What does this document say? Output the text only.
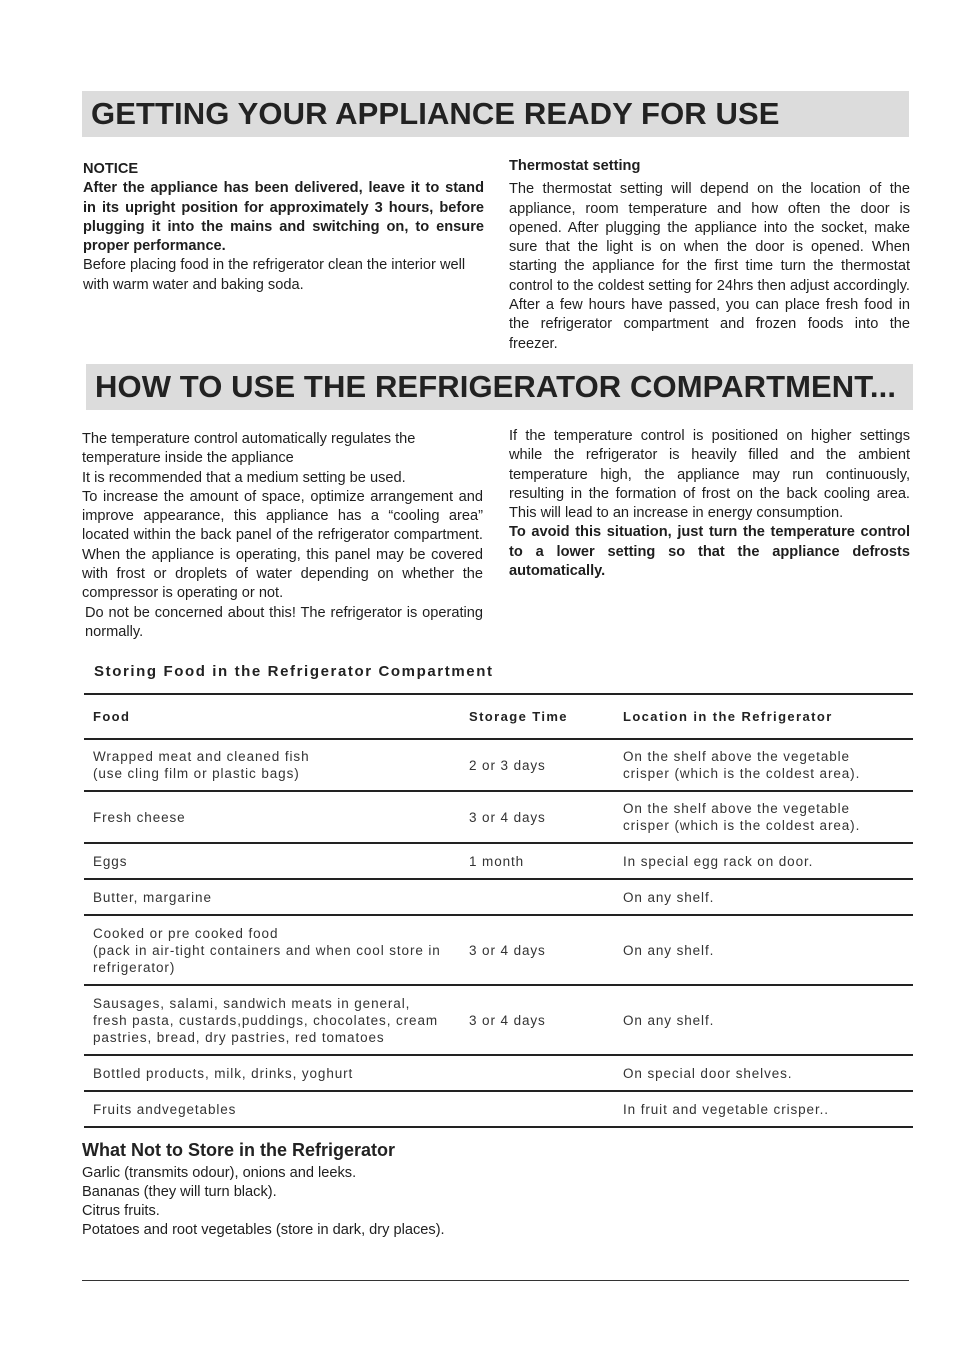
GETTING YOUR APPLIANCE READY FOR USE

NOTICE

After the appliance has been delivered, leave it to stand in its upright position for approximately 3 hours, before plugging it into the mains and switching on, to ensure proper performance.

Before placing food in the refrigerator clean the interior well with warm water and baking soda.

Thermostat setting

The thermostat setting will depend on the location of the appliance, room temperature and how often the door is opened. After plugging the appliance into the socket, make sure that the light is on when the door is opened. When starting the appliance for the first time turn the thermostat control to the coldest setting for 24hrs then adjust accordingly. After a few hours have passed, you can place fresh food in the refrigerator compartment and frozen foods into the freezer.

HOW TO USE THE REFRIGERATOR COMPARTMENT...

The temperature control automatically regulates the temperature inside the appliance

It is recommended that a medium setting be used.

To increase the amount of space, optimize arrangement and improve appearance, this appliance has a “cooling area” located within the back panel of the refrigerator compartment. When the appliance is operating, this panel may be covered with frost or droplets of water depending on whether the compressor is operating or not.

Do not be concerned about this! The refrigerator is operating normally.

If the temperature control is positioned on higher settings while the refrigerator is heavily filled and the ambient temperature high, the appliance may run continuously, resulting in the formation of frost on the back cooling area. This will lead to an increase in energy consumption.

To avoid this situation, just turn the temperature control to a lower setting so that the appliance defrosts automatically.

Storing Food in the Refrigerator Compartment
Food	Storage Time	Location in the Refrigerator
Wrapped meat and cleaned fish
(use cling film or plastic bags)	2 or 3 days	On the shelf above the vegetable
crisper (which is the coldest area).
Fresh cheese	3 or 4 days	On the shelf above the vegetable
crisper (which is the coldest area).
Eggs	1 month	In special egg rack on door.
Butter, margarine		On any shelf.
Cooked or pre cooked food
(pack in air-tight containers and when cool store in refrigerator)	3 or 4 days	On any shelf.
Sausages, salami, sandwich meats in general,
fresh pasta, custards,puddings, chocolates, cream pastries, bread, dry pastries, red tomatoes	3 or 4 days	On any shelf.
Bottled products, milk, drinks, yoghurt		On special door shelves.
Fruits andvegetables		In fruit and vegetable crisper..
What Not to Store in the Refrigerator
Garlic (transmits odour), onions and leeks.
Bananas (they will turn black).
Citrus fruits.
Potatoes and root vegetables (store in dark, dry places).
